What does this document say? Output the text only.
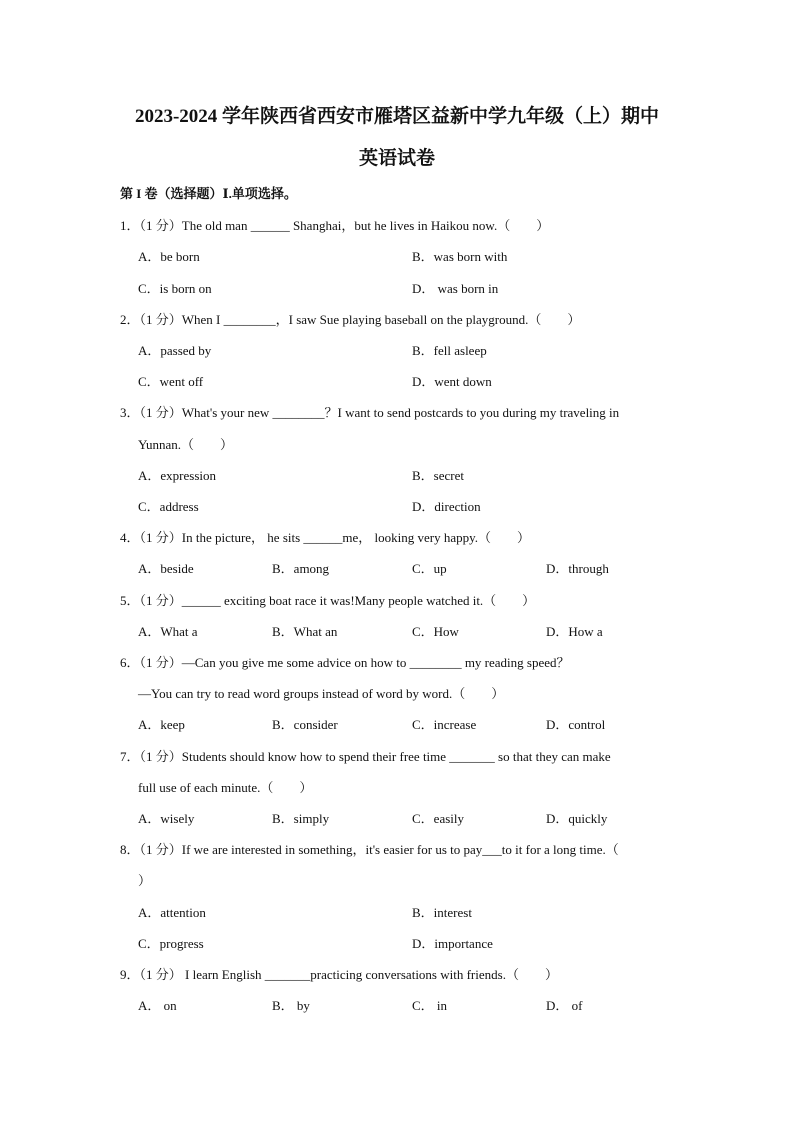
2023-2024 学年陕西省西安市雁塔区益新中学九年级（上）期中
英语试卷
第 I 卷（选择题）Ⅰ.单项选择。
1．（1 分）The old man ______ Shanghai，but he lives in Haikou now.（　　）
A．be born	B．was born with
C．is born on	D． was born in
2．（1 分）When I ________，I saw Sue playing baseball on the playground.（　　）
A．passed by	B．fell asleep
C．went off	D．went down
3．（1 分）What's your new ________？I want to send postcards to you during my traveling in
Yunnan.（　　）
A．expression	B．secret
C．address	D．direction
4．（1 分）In the picture， he sits ______me， looking very happy.（　　）
A．beside	B．among	C．up	D．through
5．（1 分）______ exciting boat race it was!Many people watched it.（　　）
A．What a	B．What an	C．How	D．How a
6．（1 分）—Can you give me some advice on how to ________ my reading speed？
—You can try to read word groups instead of word by word.（　　）
A．keep	B．consider	C．increase	D．control
7．（1 分）Students should know how to spend their free time _______ so that they can make
full use of each minute.（　　）
A．wisely	B．simply	C．easily	D．quickly
8．（1 分）If we are interested in something，it's easier for us to pay___to it for a long time.（
）
A．attention	B．interest
C．progress	D．importance
9．（1 分） I learn English _______practicing conversations with friends.（　　）
A． on	B． by	C． in	D． of
